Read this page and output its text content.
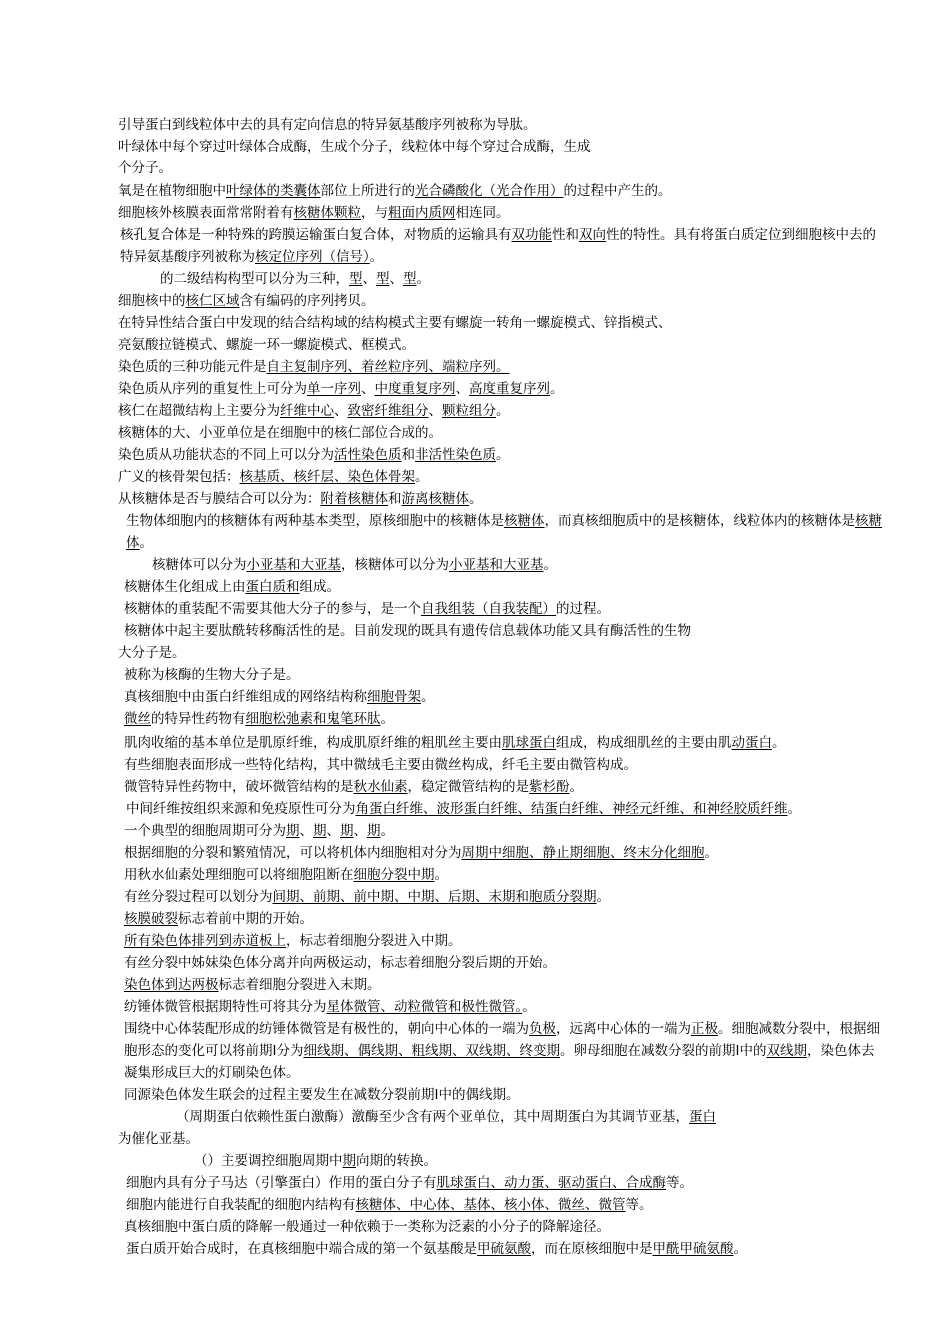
引导蛋白到线粒体中去的具有定向信息的特异氨基酸序列被称为导肽。
叶绿体中每个穿过叶绿体合成酶，生成个分子，线粒体中每个穿过合成酶，生成
个分子。
氧是在植物细胞中叶绿体的类囊体部位上所进行的光合磷酸化（光合作用）的过程中产生的。
细胞核外核膜表面常常附着有核糖体颗粒，与粗面内质网相连同。
核孔复合体是一种特殊的跨膜运输蛋白复合体，对物质的运输具有双功能性和双向性的特性。具有将蛋白质定位到细胞核中去的特异氨基酸序列被称为核定位序列（信号）。
的二级结构构型可以分为三种，型、型、型。
细胞核中的核仁区域含有编码的序列拷贝。
在特异性结合蛋白中发现的结合结构域的结构模式主要有螺旋一转角一螺旋模式、锌指模式、
亮氨酸拉链模式、螺旋一环一螺旋模式、框模式。
染色质的三种功能元件是自主复制序列、着丝粒序列、端粒序列。
染色质从序列的重复性上可分为单一序列、中度重复序列、高度重复序列。
核仁在超微结构上主要分为纤维中心、致密纤维组分、颗粒组分。
核糖体的大、小亚单位是在细胞中的核仁部位合成的。
染色质从功能状态的不同上可以分为活性染色质和非活性染色质。
广义的核骨架包括：核基质、核纤层、染色体骨架。
从核糖体是否与膜结合可以分为：附着核糖体和游离核糖体。
生物体细胞内的核糖体有两种基本类型，原核细胞中的核糖体是核糖体，而真核细胞质中的是核糖体，线粒体内的核糖体是核糖体。
核糖体可以分为小亚基和大亚基，核糖体可以分为小亚基和大亚基。
核糖体生化组成上由蛋白质和组成。
核糖体的重装配不需要其他大分子的参与，是一个自我组装（自我装配）的过程。
核糖体中起主要肽酰转移酶活性的是。目前发现的既具有遗传信息载体功能又具有酶活性的生物
大分子是。
被称为核酶的生物大分子是。
真核细胞中由蛋白纤维组成的网络结构称细胞骨架。
微丝的特异性药物有细胞松弛素和鬼笔环肽。
肌肉收缩的基本单位是肌原纤维，构成肌原纤维的粗肌丝主要由肌球蛋白组成，构成细肌丝的主要由肌动蛋白。
有些细胞表面形成一些特化结构，其中微绒毛主要由微丝构成，纤毛主要由微管构成。
微管特异性药物中，破坏微管结构的是秋水仙素，稳定微管结构的是紫杉酚。
中间纤维按组织来源和免疫原性可分为角蛋白纤维、波形蛋白纤维、结蛋白纤维、神经元纤维、和神经胶质纤维。
一个典型的细胞周期可分为期、期、期、期。
根据细胞的分裂和繁殖情况，可以将机体内细胞相对分为周期中细胞、静止期细胞、终末分化细胞。
用秋水仙素处理细胞可以将细胞阻断在细胞分裂中期。
有丝分裂过程可以划分为间期、前期、前中期、中期、后期、末期和胞质分裂期。
核膜破裂标志着前中期的开始。
所有染色体排列到赤道板上，标志着细胞分裂进入中期。
有丝分裂中姊妹染色体分离并向两极运动，标志着细胞分裂后期的开始。
染色体到达两极标志着细胞分裂进入末期。
纺锤体微管根据期特性可将其分为星体微管、动粒微管和极性微管。。
围绕中心体装配形成的纺锤体微管是有极性的，朝向中心体的一端为负极，远离中心体的一端为正极。细胞减数分裂中，根据细胞形态的变化可以将前期Ⅰ分为细线期、偶线期、粗线期、双线期、终变期。卵母细胞在减数分裂的前期Ⅰ中的双线期，染色体去凝集形成巨大的灯刷染色体。
同源染色体发生联会的过程主要发生在减数分裂前期Ⅰ中的偶线期。
（周期蛋白依赖性蛋白激酶）激酶至少含有两个亚单位，其中周期蛋白为其调节亚基，蛋白
为催化亚基。
（）主要调控细胞周期中期向期的转换。
细胞内具有分子马达（引擎蛋白）作用的蛋白分子有肌球蛋白、动力蛋、驱动蛋白、合成酶等。
细胞内能进行自我装配的细胞内结构有核糖体、中心体、基体、核小体、微丝、微管等。
真核细胞中蛋白质的降解一般通过一种依赖于一类称为泛素的小分子的降解途径。
蛋白质开始合成时，在真核细胞中端合成的第一个氨基酸是甲硫氨酸，而在原核细胞中是甲酰甲硫氨酸。
